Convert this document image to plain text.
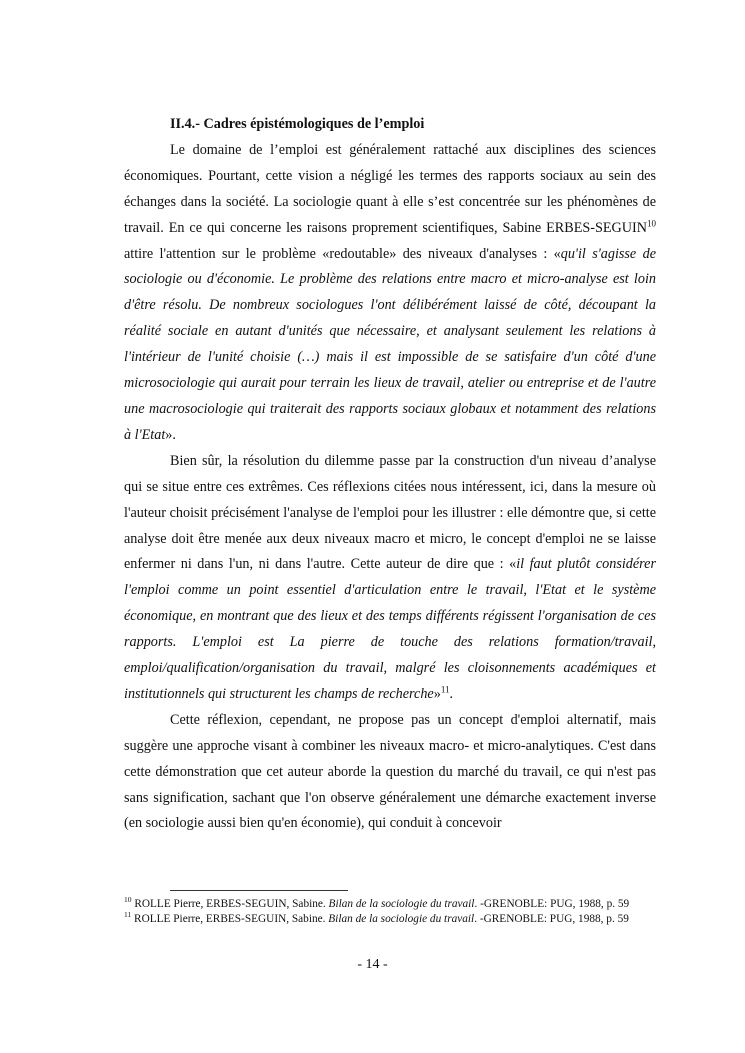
II.4.- Cadres épistémologiques de l’emploi

Le domaine de l’emploi est généralement rattaché aux disciplines des sciences économiques. Pourtant, cette vision a négligé les termes des rapports sociaux au sein des échanges dans la société. La sociologie quant à elle s’est concentrée sur les phénomènes de travail. En ce qui concerne les raisons proprement scientifiques, Sabine ERBES-SEGUIN$^{10}$ attire l'attention sur le problème «redoutable» des niveaux d'analyses : «qu'il s'agisse de sociologie ou d'économie. Le problème des relations entre macro et micro-analyse est loin d'être résolu. De nombreux sociologues l'ont délibérément laissé de côté, découpant la réalité sociale en autant d'unités que nécessaire, et analysant seulement les relations à l'intérieur de l'unité choisie (…) mais il est impossible de se satisfaire d'un côté d'une microsociologie qui aurait pour terrain les lieux de travail, atelier ou entreprise et de l'autre une macrosociologie qui traiterait des rapports sociaux globaux et notamment des relations à l'Etat».

Bien sûr, la résolution du dilemme passe par la construction d'un niveau d’analyse qui se situe entre ces extrêmes. Ces réflexions citées nous intéressent, ici, dans la mesure où l'auteur choisit précisément l'analyse de l'emploi pour les illustrer : elle démontre que, si cette analyse doit être menée aux deux niveaux macro et micro, le concept d'emploi ne se laisse enfermer ni dans l'un, ni dans l'autre. Cette auteur de dire que : «il faut plutôt considérer l'emploi comme un point essentiel d'articulation entre le travail, l'Etat et le système économique, en montrant que des lieux et des temps différents régissent l'organisation de ces rapports. L'emploi est La pierre de touche des relations formation/travail, emploi/qualification/organisation du travail, malgré les cloisonnements académiques et institutionnels qui structurent les champs de recherche»$^{11}$.

Cette réflexion, cependant, ne propose pas un concept d'emploi alternatif, mais suggère une approche visant à combiner les niveaux macro- et micro-analytiques. C'est dans cette démonstration que cet auteur aborde la question du marché du travail, ce qui n'est pas sans signification, sachant que l'on observe généralement une démarche exactement inverse (en sociologie aussi bien qu'en économie), qui conduit à concevoir

$^{10}$ ROLLE Pierre, ERBES-SEGUIN, Sabine. Bilan de la sociologie du travail. -GRENOBLE: PUG, 1988, p. 59

$^{11}$ ROLLE Pierre, ERBES-SEGUIN, Sabine. Bilan de la sociologie du travail. -GRENOBLE: PUG, 1988, p. 59

- 14 -
